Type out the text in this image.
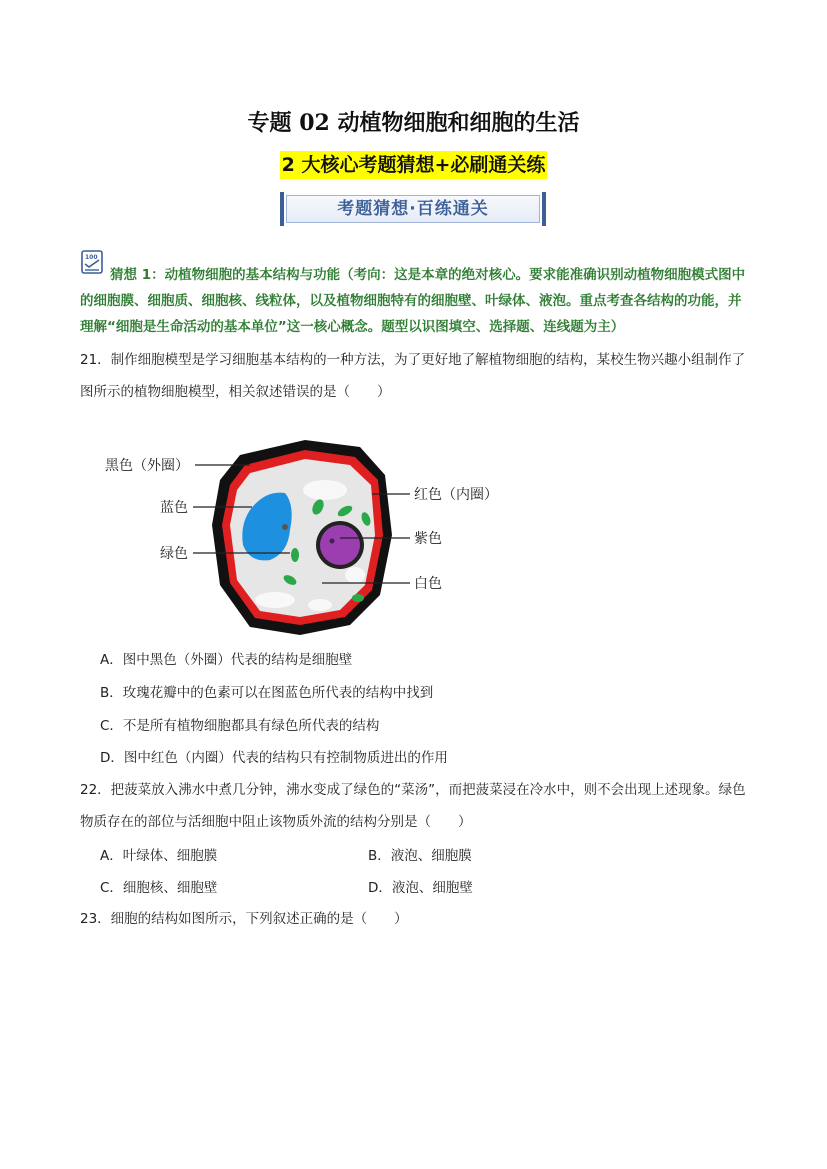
专题 02 动植物细胞和细胞的生活
2 大核心考题猜想+必刷通关练
考题猜想·百练通关
100
猜想 1：动植物细胞的基本结构与功能（考向：这是本章的绝对核心。要求能准确识别动植物细胞模式图中的细胞膜、细胞质、细胞核、线粒体，以及植物细胞特有的细胞壁、叶绿体、液泡。重点考查各结构的功能，并理解“细胞是生命活动的基本单位”这一核心概念。题型以识图填空、选择题、连线题为主）
21．制作细胞模型是学习细胞基本结构的一种方法，为了更好地了解植物细胞的结构，某校生物兴趣小组制作了图所示的植物细胞模型，相关叙述错误的是（　　）
黑色（外圈）
蓝色
绿色
红色（内圈）
紫色
白色
A．图中黑色（外圈）代表的结构是细胞壁
B．玫瑰花瓣中的色素可以在图蓝色所代表的结构中找到
C．不是所有植物细胞都具有绿色所代表的结构
D．图中红色（内圈）代表的结构只有控制物质进出的作用
22．把菠菜放入沸水中煮几分钟，沸水变成了绿色的“菜汤”，而把菠菜浸在冷水中，则不会出现上述现象。绿色物质存在的部位与活细胞中阻止该物质外流的结构分别是（　　）
A．叶绿体、细胞膜	B．液泡、细胞膜
C．细胞核、细胞壁	D．液泡、细胞壁
23．细胞的结构如图所示，下列叙述正确的是（　　）
